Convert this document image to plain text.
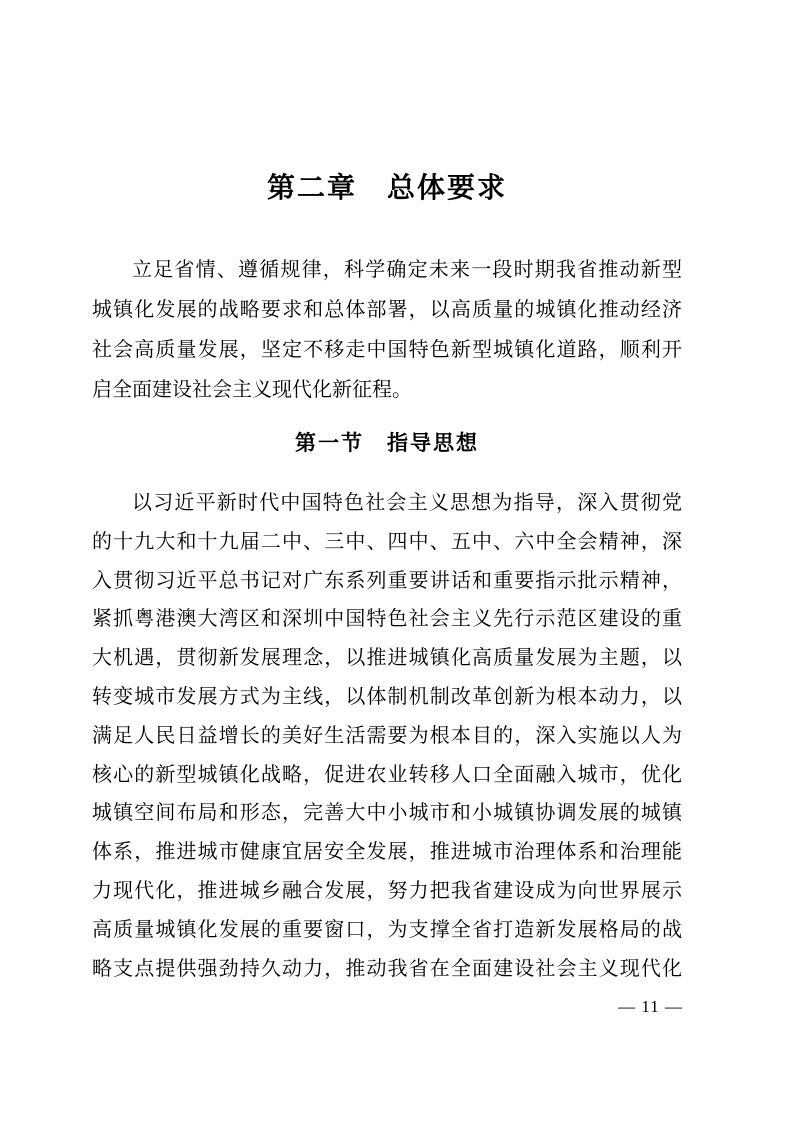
第二章　总体要求
立足省情、遵循规律，科学确定未来一段时期我省推动新型
城镇化发展的战略要求和总体部署，以高质量的城镇化推动经济
社会高质量发展，坚定不移走中国特色新型城镇化道路，顺利开
启全面建设社会主义现代化新征程。
第一节　指导思想
以习近平新时代中国特色社会主义思想为指导，深入贯彻党
的十九大和十九届二中、三中、四中、五中、六中全会精神，深
入贯彻习近平总书记对广东系列重要讲话和重要指示批示精神，
紧抓粤港澳大湾区和深圳中国特色社会主义先行示范区建设的重
大机遇，贯彻新发展理念，以推进城镇化高质量发展为主题，以
转变城市发展方式为主线，以体制机制改革创新为根本动力，以
满足人民日益增长的美好生活需要为根本目的，深入实施以人为
核心的新型城镇化战略，促进农业转移人口全面融入城市，优化
城镇空间布局和形态，完善大中小城市和小城镇协调发展的城镇
体系，推进城市健康宜居安全发展，推进城市治理体系和治理能
力现代化，推进城乡融合发展，努力把我省建设成为向世界展示
高质量城镇化发展的重要窗口，为支撑全省打造新发展格局的战
略支点提供强劲持久动力，推动我省在全面建设社会主义现代化
— 11 —
